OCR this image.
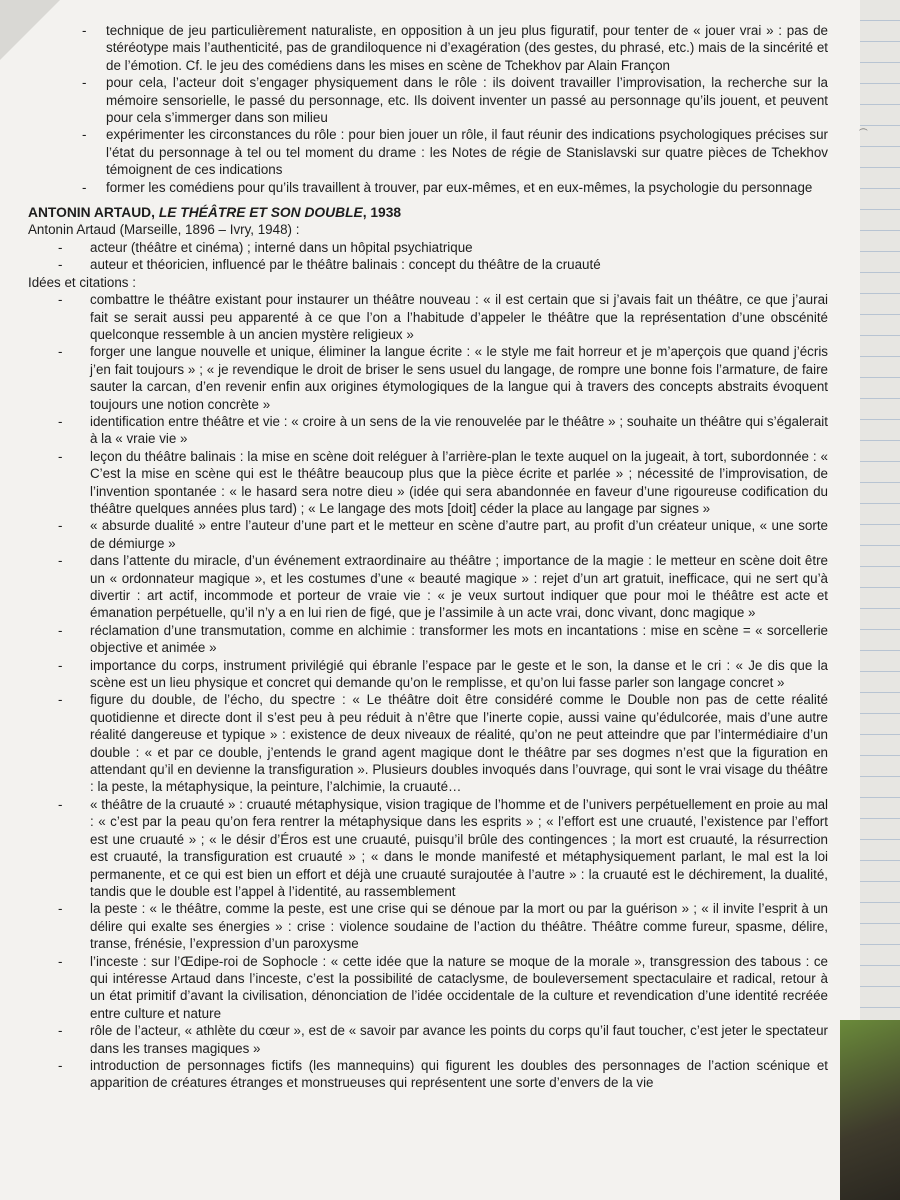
- technique de jeu particulièrement naturaliste, en opposition à un jeu plus figuratif, pour tenter de « jouer vrai » : pas de stéréotype mais l’authenticité, pas de grandiloquence ni d’exagération (des gestes, du phrasé, etc.) mais de la sincérité et de l’émotion. Cf. le jeu des comédiens dans les mises en scène de Tchekhov par Alain Françon
- pour cela, l’acteur doit s’engager physiquement dans le rôle : ils doivent travailler l’improvisation, la recherche sur la mémoire sensorielle, le passé du personnage, etc. Ils doivent inventer un passé au personnage qu’ils jouent, et peuvent pour cela s’immerger dans son milieu
- expérimenter les circonstances du rôle : pour bien jouer un rôle, il faut réunir des indications psychologiques précises sur l’état du personnage à tel ou tel moment du drame : les Notes de régie de Stanislavski sur quatre pièces de Tchekhov témoignent de ces indications
- former les comédiens pour qu’ils travaillent à trouver, par eux-mêmes, et en eux-mêmes, la psychologie du personnage
ANTONIN ARTAUD, LE THÉÂTRE ET SON DOUBLE, 1938

Antonin Artaud (Marseille, 1896 – Ivry, 1948) :

- acteur (théâtre et cinéma) ; interné dans un hôpital psychiatrique
- auteur et théoricien, influencé par le théâtre balinais : concept du théâtre de la cruauté

Idées et citations :

- combattre le théâtre existant pour instaurer un théâtre nouveau : « il est certain que si j’avais fait un théâtre, ce que j’aurai fait se serait aussi peu apparenté à ce que l’on a l’habitude d’appeler le théâtre que la représentation d’une obscénité quelconque ressemble à un ancien mystère religieux »
- forger une langue nouvelle et unique, éliminer la langue écrite : « le style me fait horreur et je m’aperçois que quand j’écris j’en fait toujours » ; « je revendique le droit de briser le sens usuel du langage, de rompre une bonne fois l’armature, de faire sauter la carcan, d’en revenir enfin aux origines étymologiques de la langue qui à travers des concepts abstraits évoquent toujours une notion concrète »
- identification entre théâtre et vie : « croire à un sens de la vie renouvelée par le théâtre » ; souhaite un théâtre qui s’égalerait à la « vraie vie »
- leçon du théâtre balinais : la mise en scène doit reléguer à l’arrière-plan le texte auquel on la jugeait, à tort, subordonnée : « C’est la mise en scène qui est le théâtre beaucoup plus que la pièce écrite et parlée » ; nécessité de l’improvisation, de l’invention spontanée : « le hasard sera notre dieu » (idée qui sera abandonnée en faveur d’une rigoureuse codification du théâtre quelques années plus tard) ; « Le langage des mots [doit] céder la place au langage par signes »
- « absurde dualité » entre l’auteur d’une part et le metteur en scène d’autre part, au profit d’un créateur unique, « une sorte de démiurge »
- dans l’attente du miracle, d’un événement extraordinaire au théâtre ; importance de la magie : le metteur en scène doit être un « ordonnateur magique », et les costumes d’une « beauté magique » : rejet d’un art gratuit, inefficace, qui ne sert qu’à divertir : art actif, incommode et porteur de vraie vie : « je veux surtout indiquer que pour moi le théâtre est acte et émanation perpétuelle, qu’il n’y a en lui rien de figé, que je l’assimile à un acte vrai, donc vivant, donc magique »
- réclamation d’une transmutation, comme en alchimie : transformer les mots en incantations : mise en scène = « sorcellerie objective et animée »
- importance du corps, instrument privilégié qui ébranle l’espace par le geste et le son, la danse et le cri : « Je dis que la scène est un lieu physique et concret qui demande qu’on le remplisse, et qu’on lui fasse parler son langage concret »
- figure du double, de l’écho, du spectre : « Le théâtre doit être considéré comme le Double non pas de cette réalité quotidienne et directe dont il s’est peu à peu réduit à n’être que l’inerte copie, aussi vaine qu’édulcorée, mais d’une autre réalité dangereuse et typique » : existence de deux niveaux de réalité, qu’on ne peut atteindre que par l’intermédiaire d’un double : « et par ce double, j’entends le grand agent magique dont le théâtre par ses dogmes n’est que la figuration en attendant qu’il en devienne la transfiguration ». Plusieurs doubles invoqués dans l’ouvrage, qui sont le vrai visage du théâtre : la peste, la métaphysique, la peinture, l’alchimie, la cruauté…
- « théâtre de la cruauté » : cruauté métaphysique, vision tragique de l’homme et de l’univers perpétuellement en proie au mal : « c’est par la peau qu’on fera rentrer la métaphysique dans les esprits » ; « l’effort est une cruauté, l’existence par l’effort est une cruauté » ; « le désir d’Éros est une cruauté, puisqu’il brûle des contingences ; la mort est cruauté, la résurrection est cruauté, la transfiguration est cruauté » ; « dans le monde manifesté et métaphysiquement parlant, le mal est la loi permanente, et ce qui est bien un effort et déjà une cruauté surajoutée à l’autre » : la cruauté est le déchirement, la dualité, tandis que le double est l’appel à l’identité, au rassemblement
- la peste : « le théâtre, comme la peste, est une crise qui se dénoue par la mort ou par la guérison » ; « il invite l’esprit à un délire qui exalte ses énergies » : crise : violence soudaine de l’action du théâtre. Théâtre comme fureur, spasme, délire, transe, frénésie, l’expression d’un paroxysme
- l’inceste : sur l’Œdipe-roi de Sophocle : « cette idée que la nature se moque de la morale », transgression des tabous : ce qui intéresse Artaud dans l’inceste, c’est la possibilité de cataclysme, de bouleversement spectaculaire et radical, retour à un état primitif d’avant la civilisation, dénonciation de l’idée occidentale de la culture et revendication d’une identité recréée entre culture et nature
- rôle de l’acteur, « athlète du cœur », est de « savoir par avance les points du corps qu’il faut toucher, c’est jeter le spectateur dans les transes magiques »
- introduction de personnages fictifs (les mannequins) qui figurent les doubles des personnages de l’action scénique et apparition de créatures étranges et monstrueuses qui représentent une sorte d’envers de la vie
